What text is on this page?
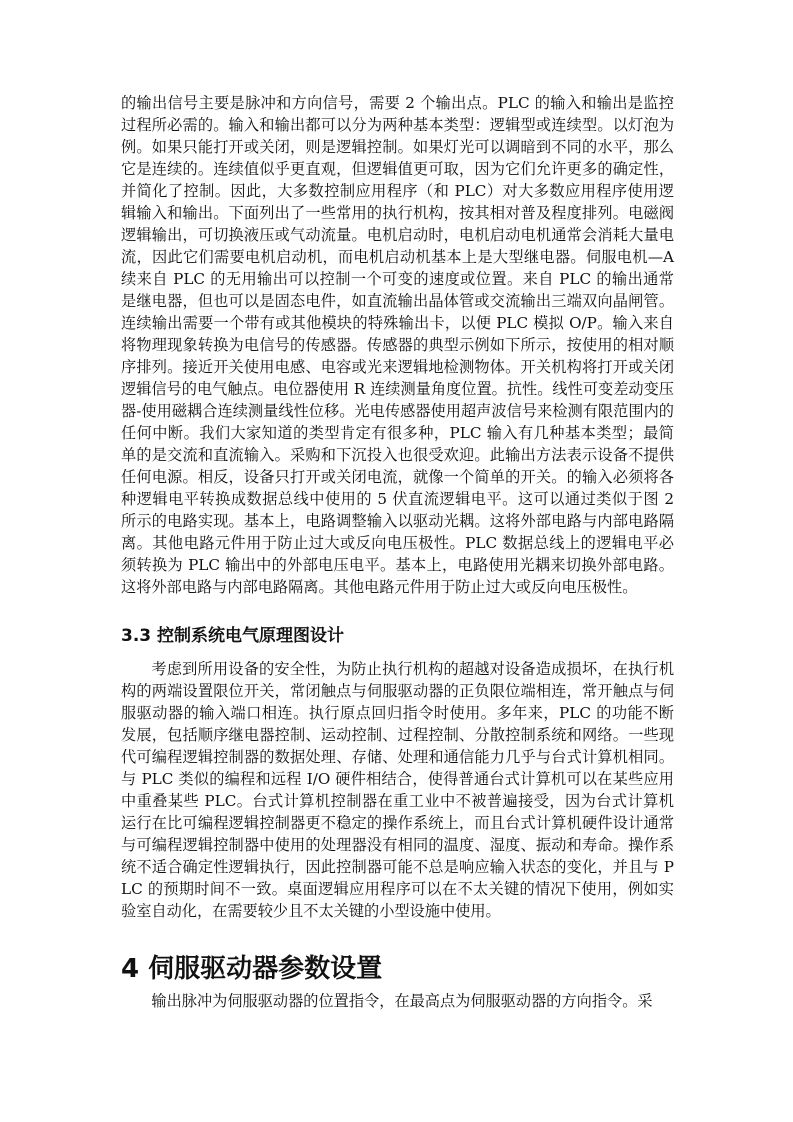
的输出信号主要是脉冲和方向信号，需要 2 个输出点。PLC 的输入和输出是监控过程所必需的。输入和输出都可以分为两种基本类型：逻辑型或连续型。以灯泡为例。如果只能打开或关闭，则是逻辑控制。如果灯光可以调暗到不同的水平，那么它是连续的。连续值似乎更直观，但逻辑值更可取，因为它们允许更多的确定性，并简化了控制。因此，大多数控制应用程序（和 PLC）对大多数应用程序使用逻辑输入和输出。下面列出了一些常用的执行机构，按其相对普及程度排列。电磁阀逻辑输出，可切换液压或气动流量。电机启动时，电机启动电机通常会消耗大量电流，因此它们需要电机启动机，而电机启动机基本上是大型继电器。伺服电机—A 续来自 PLC 的无用输出可以控制一个可变的速度或位置。来自 PLC 的输出通常是继电器，但也可以是固态电件，如直流输出晶体管或交流输出三端双向晶闸管。连续输出需要一个带有或其他模块的特殊输出卡，以便 PLC 模拟 O/P。输入来自将物理现象转换为电信号的传感器。传感器的典型示例如下所示，按使用的相对顺序排列。接近开关使用电感、电容或光来逻辑地检测物体。开关机构将打开或关闭逻辑信号的电气触点。电位器使用 R 连续测量角度位置。抗性。线性可变差动变压器-使用磁耦合连续测量线性位移。光电传感器使用超声波信号来检测有限范围内的任何中断。我们大家知道的类型肯定有很多种，PLC 输入有几种基本类型；最简单的是交流和直流输入。采购和下沉投入也很受欢迎。此输出方法表示设备不提供任何电源。相反，设备只打开或关闭电流，就像一个简单的开关。的输入必须将各种逻辑电平转换成数据总线中使用的 5 伏直流逻辑电平。这可以通过类似于图 2 所示的电路实现。基本上，电路调整输入以驱动光耦。这将外部电路与内部电路隔离。其他电路元件用于防止过大或反向电压极性。PLC 数据总线上的逻辑电平必须转换为 PLC 输出中的外部电压电平。基本上，电路使用光耦来切换外部电路。这将外部电路与内部电路隔离。其他电路元件用于防止过大或反向电压极性。

3.3 控制系统电气原理图设计

考虑到所用设备的安全性，为防止执行机构的超越对设备造成损坏，在执行机构的两端设置限位开关，常闭触点与伺服驱动器的正负限位端相连，常开触点与伺服驱动器的输入端口相连。执行原点回归指令时使用。多年来，PLC 的功能不断发展，包括顺序继电器控制、运动控制、过程控制、分散控制系统和网络。一些现代可编程逻辑控制器的数据处理、存储、处理和通信能力几乎与台式计算机相同。与 PLC 类似的编程和远程 I/O 硬件相结合，使得普通台式计算机可以在某些应用中重叠某些 PLC。台式计算机控制器在重工业中不被普遍接受，因为台式计算机运行在比可编程逻辑控制器更不稳定的操作系统上，而且台式计算机硬件设计通常与可编程逻辑控制器中使用的处理器没有相同的温度、湿度、振动和寿命。操作系统不适合确定性逻辑执行，因此控制器可能不总是响应输入状态的变化，并且与 PLC 的预期时间不一致。桌面逻辑应用程序可以在不太关键的情况下使用，例如实验室自动化，在需要较少且不太关键的小型设施中使用。

4 伺服驱动器参数设置

输出脉冲为伺服驱动器的位置指令，在最高点为伺服驱动器的方向指令。采
